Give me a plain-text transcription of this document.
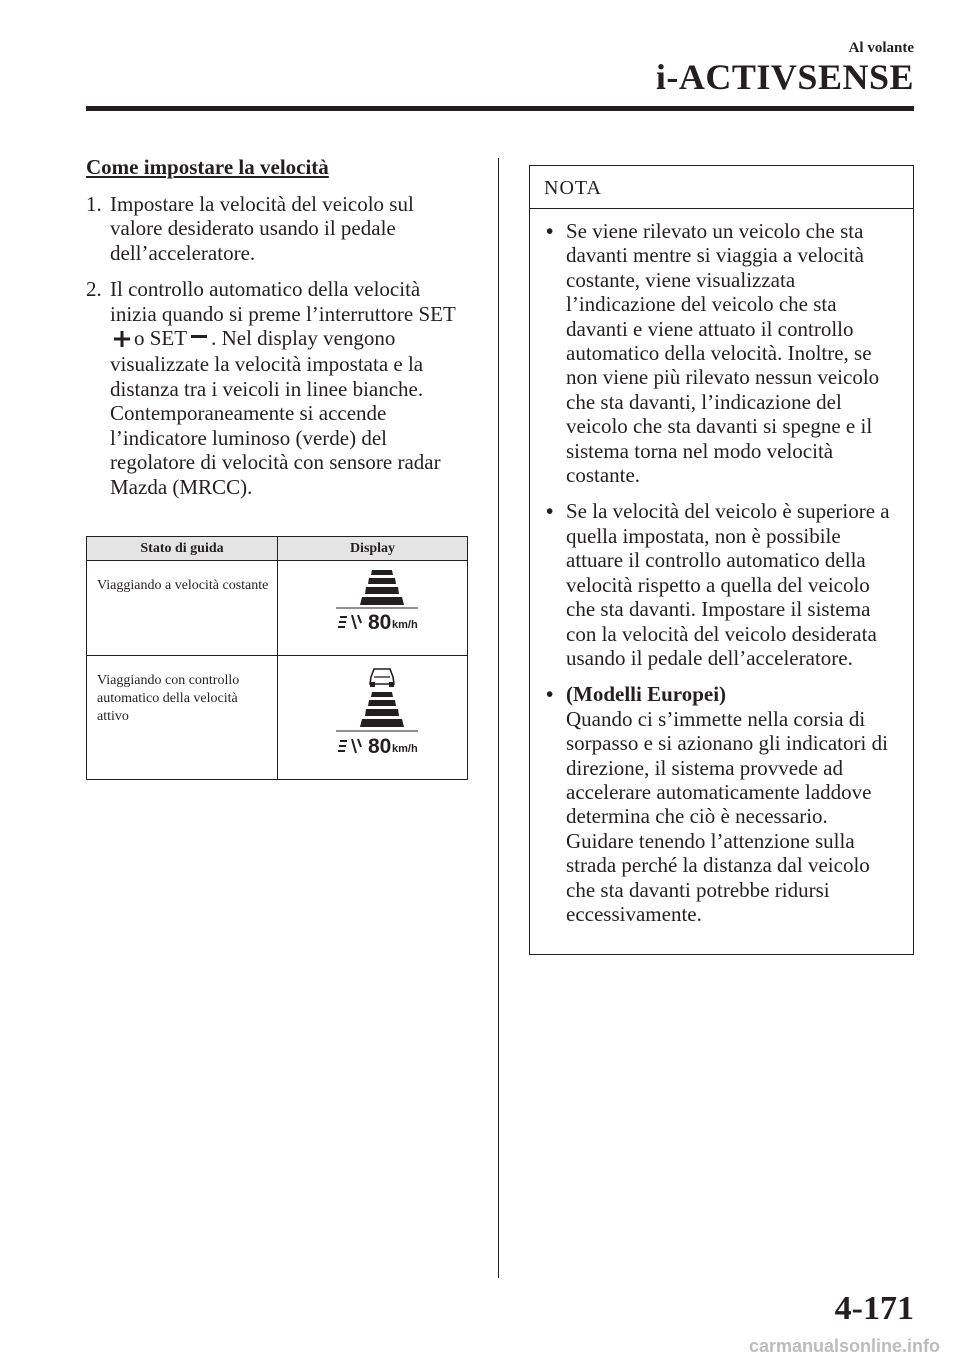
Al volante
i-ACTIVSENSE
Come impostare la velocità
1. Impostare la velocità del veicolo sul valore desiderato usando il pedale dell’acceleratore.
2. Il controllo automatico della velocità inizia quando si preme l’interruttore SETo SET . Nel display vengono visualizzate la velocità impostata e la distanza tra i veicoli in linee bianche. Contemporaneamente si accende l’indicatore luminoso (verde) del regolatore di velocità con sensore radar Mazda (MRCC).
Stato di guida	Display
Viaggiando a velocità costante	80 km/h

Viaggiando con controllo automatico della velocità attivo	80 km/h
NOTA
• Se viene rilevato un veicolo che sta davanti mentre si viaggia a velocità costante, viene visualizzata l’indicazione del veicolo che sta davanti e viene attuato il controllo automatico della velocità. Inoltre, se non viene più rilevato nessun veicolo che sta davanti, l’indicazione del veicolo che sta davanti si spegne e il sistema torna nel modo velocità costante.
• Se la velocità del veicolo è superiore a quella impostata, non è possibile attuare il controllo automatico della velocità rispetto a quella del veicolo che sta davanti. Impostare il sistema con la velocità del veicolo desiderata usando il pedale dell’acceleratore.
• (Modelli Europei)
Quando ci s’immette nella corsia di sorpasso e si azionano gli indicatori di direzione, il sistema provvede ad accelerare automaticamente laddove determina che ciò è necessario. Guidare tenendo l’attenzione sulla strada perché la distanza dal veicolo che sta davanti potrebbe ridursi eccessivamente.
4-171
carmanualsonline.info
